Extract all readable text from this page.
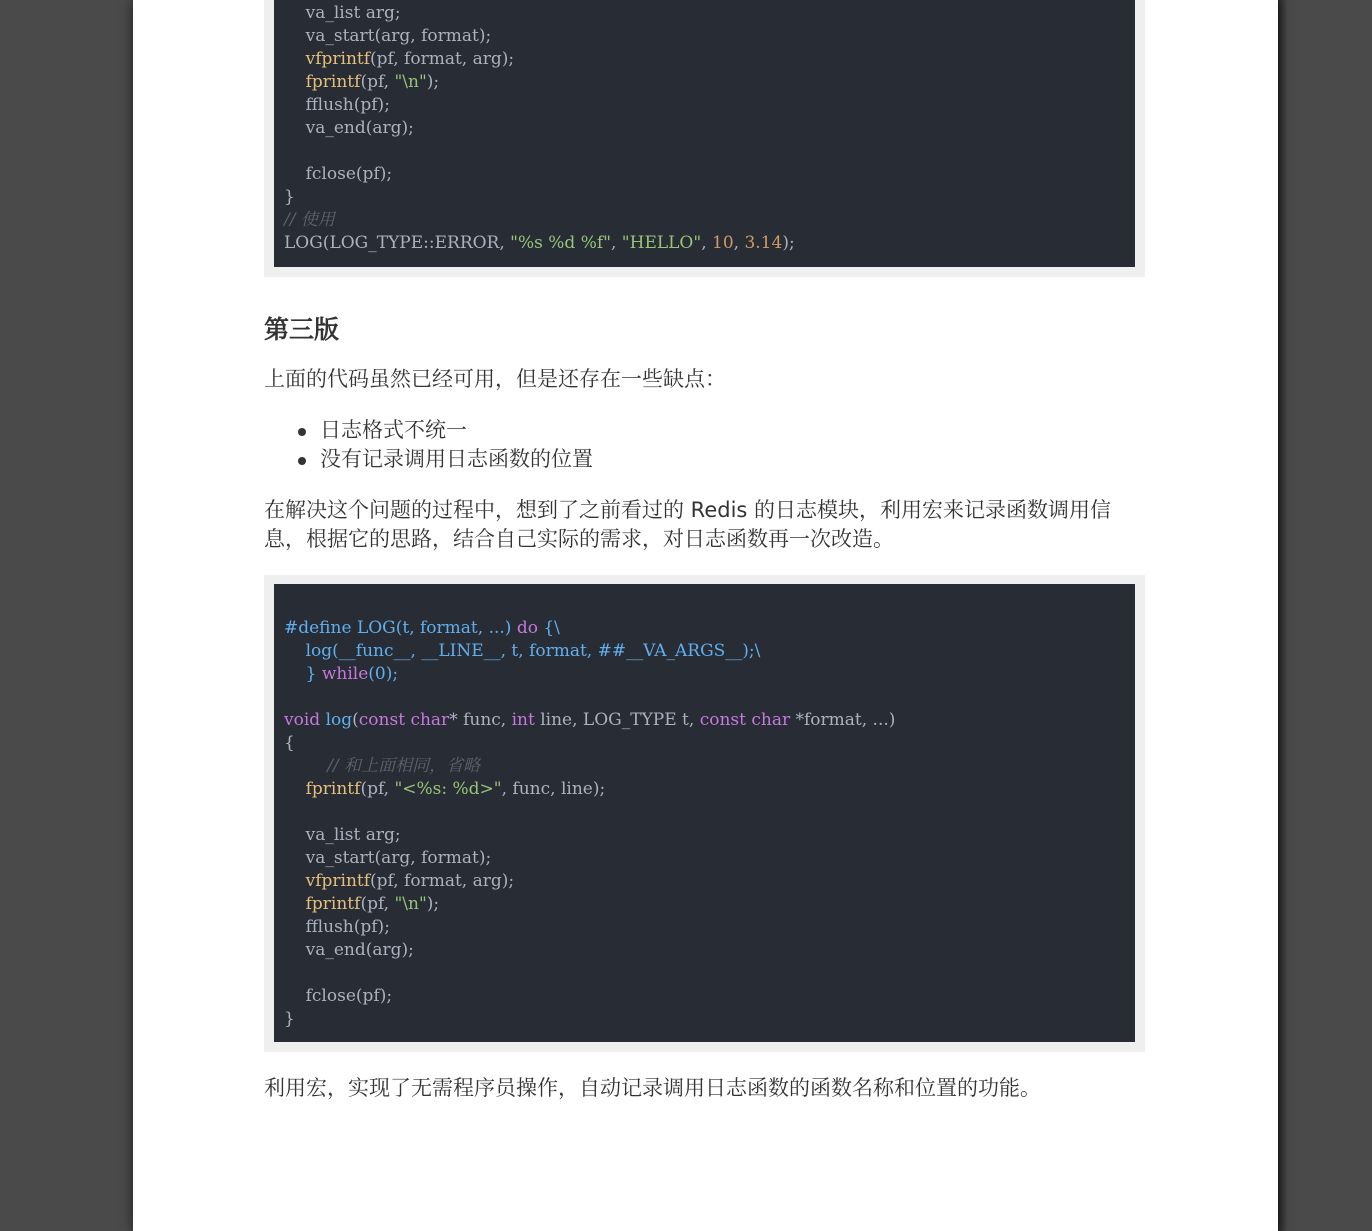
va_list arg;
va_start(arg, format);
vfprintf(pf, format, arg);
fprintf(pf, "\n");
fflush(pf);
va_end(arg);
fclose(pf);
}
// 使用
LOG(LOG_TYPE::ERROR, "%s %d %f", "HELLO", 10, 3.14);
第三版

上面的代码虽然已经可用，但是还存在一些缺点：

日志格式不统一
没有记录调用日志函数的位置

在解决这个问题的过程中，想到了之前看过的 Redis 的日志模块，利用宏来记录函数调用信息，根据它的思路，结合自己实际的需求，对日志函数再一次改造。

#define LOG(t, format, ...) do {\
log(__func__, __LINE__, t, format, ##__VA_ARGS__);\
} while(0);
void log(const char* func, int line, LOG_TYPE t, const char *format, ...)
{
// 和上面相同，省略
fprintf(pf, "<%s: %d>", func, line);
va_list arg;
va_start(arg, format);
vfprintf(pf, format, arg);
fprintf(pf, "\n");
fflush(pf);
va_end(arg);
fclose(pf);
}

利用宏，实现了无需程序员操作，自动记录调用日志函数的函数名称和位置的功能。
